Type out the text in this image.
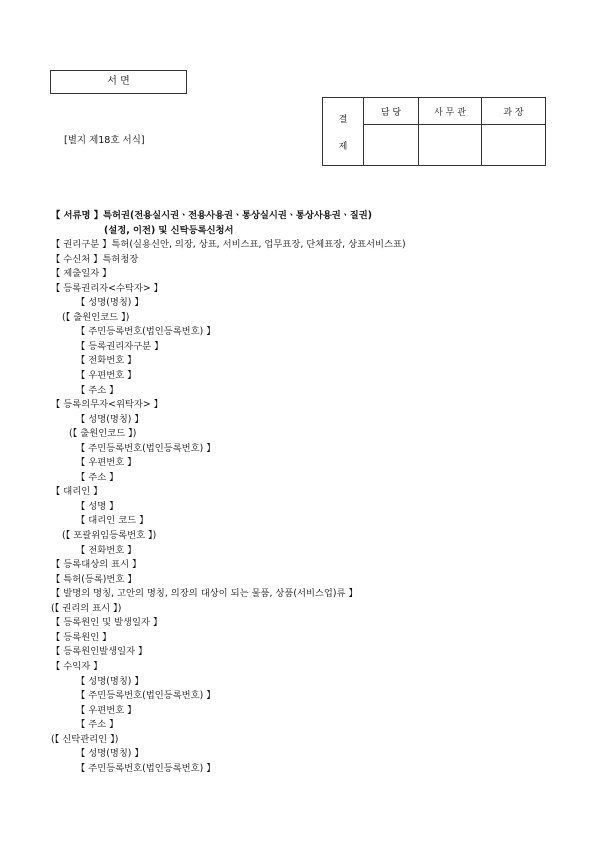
서 면
[별지 제18호 서식]
결
제	담 당	사 무 관	과 장

【 서류명 】특허권(전용실시권ㆍ전용사용권ㆍ통상실시권ㆍ통상사용권ㆍ질권)
(설정, 이전) 및 신탁등록신청서
【 권리구분 】특허(실용신안, 의장, 상표, 서비스표, 업무표장, 단체표장, 상표서비스표)
【 수신처 】특허청장
【 제출일자 】
【 등록권리자<수탁자> 】
【 성명(명칭) 】
(【 출원인코드 】)
【 주민등록번호(법인등록번호) 】
【 등록권리자구분 】
【 전화번호 】
【 우편번호 】
【 주소 】
【 등록의무자<위탁자> 】
【 성명(명칭) 】
(【 출원인코드 】)
【 주민등록번호(법인등록번호) 】
【 우편번호 】
【 주소 】
【 대리인 】
【 성명 】
【 대리인 코드 】
(【 포괄위임등록번호 】)
【 전화번호 】
【 등록대상의 표시 】
【 특허(등록)번호 】
【 발명의 명칭, 고안의 명칭, 의장의 대상이 되는 물품, 상품(서비스업)류 】
(【 권리의 표시 】)
【 등록원인 및 발생일자 】
【 등록원인 】
【 등록원인발생일자 】
【 수익자 】
【 성명(명칭) 】
【 주민등록번호(법인등록번호) 】
【 우편번호 】
【 주소 】
(【 신탁관리인 】)
【 성명(명칭) 】
【 주민등록번호(법인등록번호) 】
